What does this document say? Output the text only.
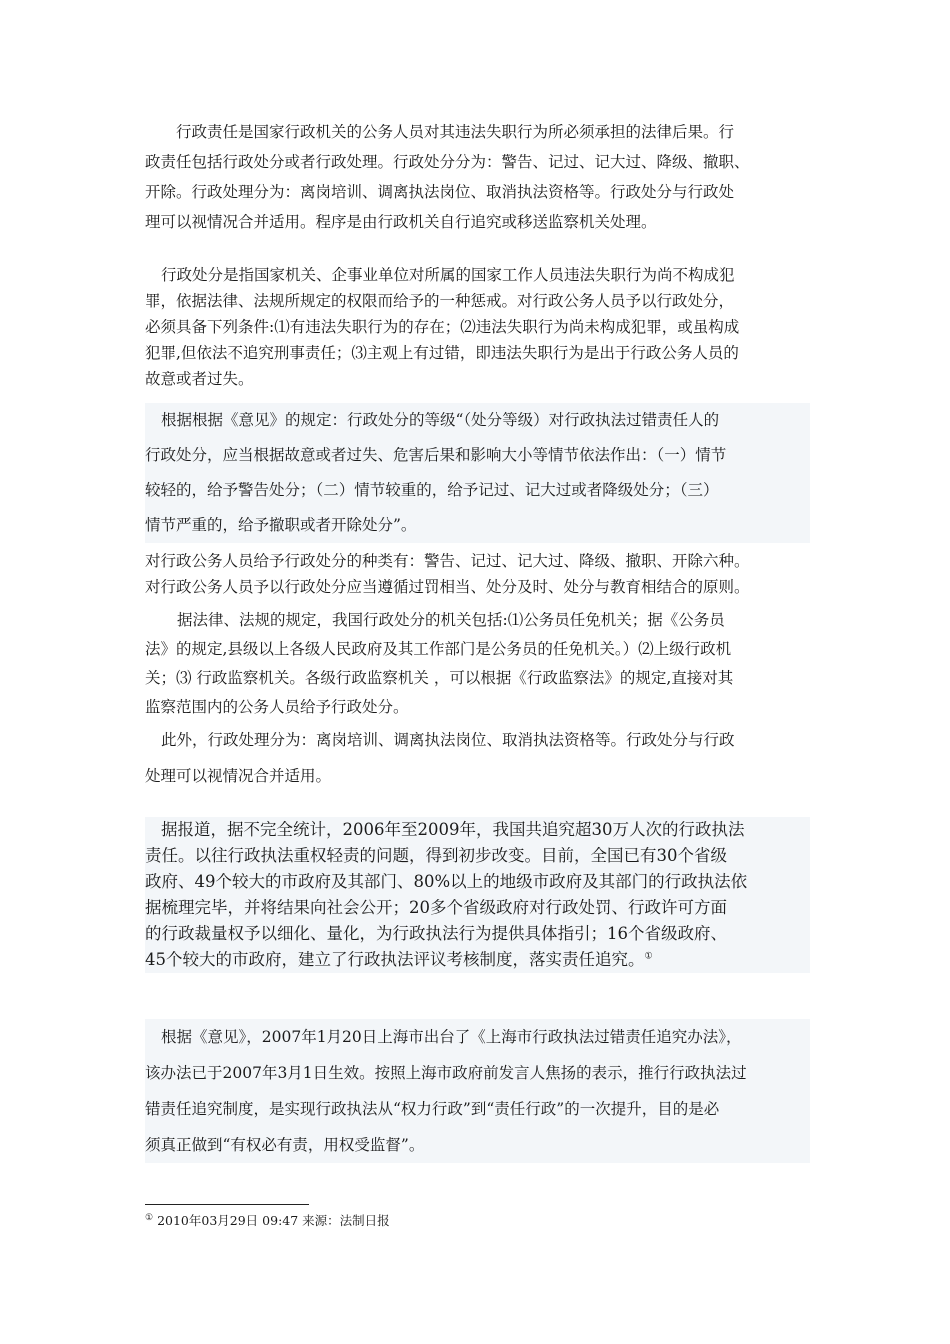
行政责任是国家行政机关的公务人员对其违法失职行为所必须承担的法律后果。行
政责任包括行政处分或者行政处理。行政处分分为：警告、记过、记大过、降级、撤职、
开除。行政处理分为：离岗培训、调离执法岗位、取消执法资格等。行政处分与行政处
理可以视情况合并适用。程序是由行政机关自行追究或移送监察机关处理。
行政处分是指国家机关、企事业单位对所属的国家工作人员违法失职行为尚不构成犯
罪，依据法律、法规所规定的权限而给予的一种惩戒。对行政公务人员予以行政处分，
必须具备下列条件:⑴有违法失职行为的存在；⑵违法失职行为尚未构成犯罪，或虽构成
犯罪,但依法不追究刑事责任；⑶主观上有过错，即违法失职行为是出于行政公务人员的
故意或者过失。
根据根据《意见》的规定：行政处分的等级“（处分等级）对行政执法过错责任人的
行政处分，应当根据故意或者过失、危害后果和影响大小等情节依法作出：（一）情节
较轻的，给予警告处分；（二）情节较重的，给予记过、记大过或者降级处分；（三）
情节严重的，给予撤职或者开除处分”。
对行政公务人员给予行政处分的种类有：警告、记过、记大过、降级、撤职、开除六种。
对行政公务人员予以行政处分应当遵循过罚相当、处分及时、处分与教育相结合的原则。
据法律、法规的规定，我国行政处分的机关包括:⑴公务员任免机关；据《公务员
法》的规定,县级以上各级人民政府及其工作部门是公务员的任免机关。）⑵上级行政机
关；⑶ 行政监察机关。各级行政监察机关 ，可以根据《行政监察法》的规定,直接对其
监察范围内的公务人员给予行政处分。
此外，行政处理分为：离岗培训、调离执法岗位、取消执法资格等。行政处分与行政
处理可以视情况合并适用。
据报道，据不完全统计，2006年至2009年，我国共追究超30万人次的行政执法
责任。以往行政执法重权轻责的问题，得到初步改变。目前，全国已有30个省级
政府、49个较大的市政府及其部门、80%以上的地级市政府及其部门的行政执法依
据梳理完毕，并将结果向社会公开；20多个省级政府对行政处罚、行政许可方面
的行政裁量权予以细化、量化，为行政执法行为提供具体指引；16个省级政府、
45个较大的市政府，建立了行政执法评议考核制度，落实责任追究。①
根据《意见》，2007年1月20日上海市出台了《上海市行政执法过错责任追究办法》，
该办法已于2007年3月1日生效。按照上海市政府前发言人焦扬的表示，推行行政执法过
错责任追究制度，是实现行政执法从“权力行政”到“责任行政”的一次提升，目的是必
须真正做到“有权必有责，用权受监督”。
① 2010年03月29日 09:47 来源：法制日报
